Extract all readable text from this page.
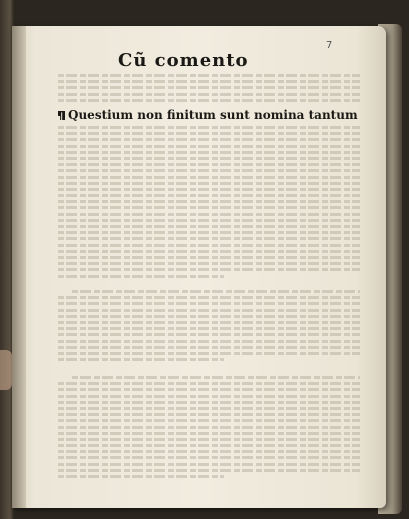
7
Cũ comento
Questium non finitum sunt nomina tantum
